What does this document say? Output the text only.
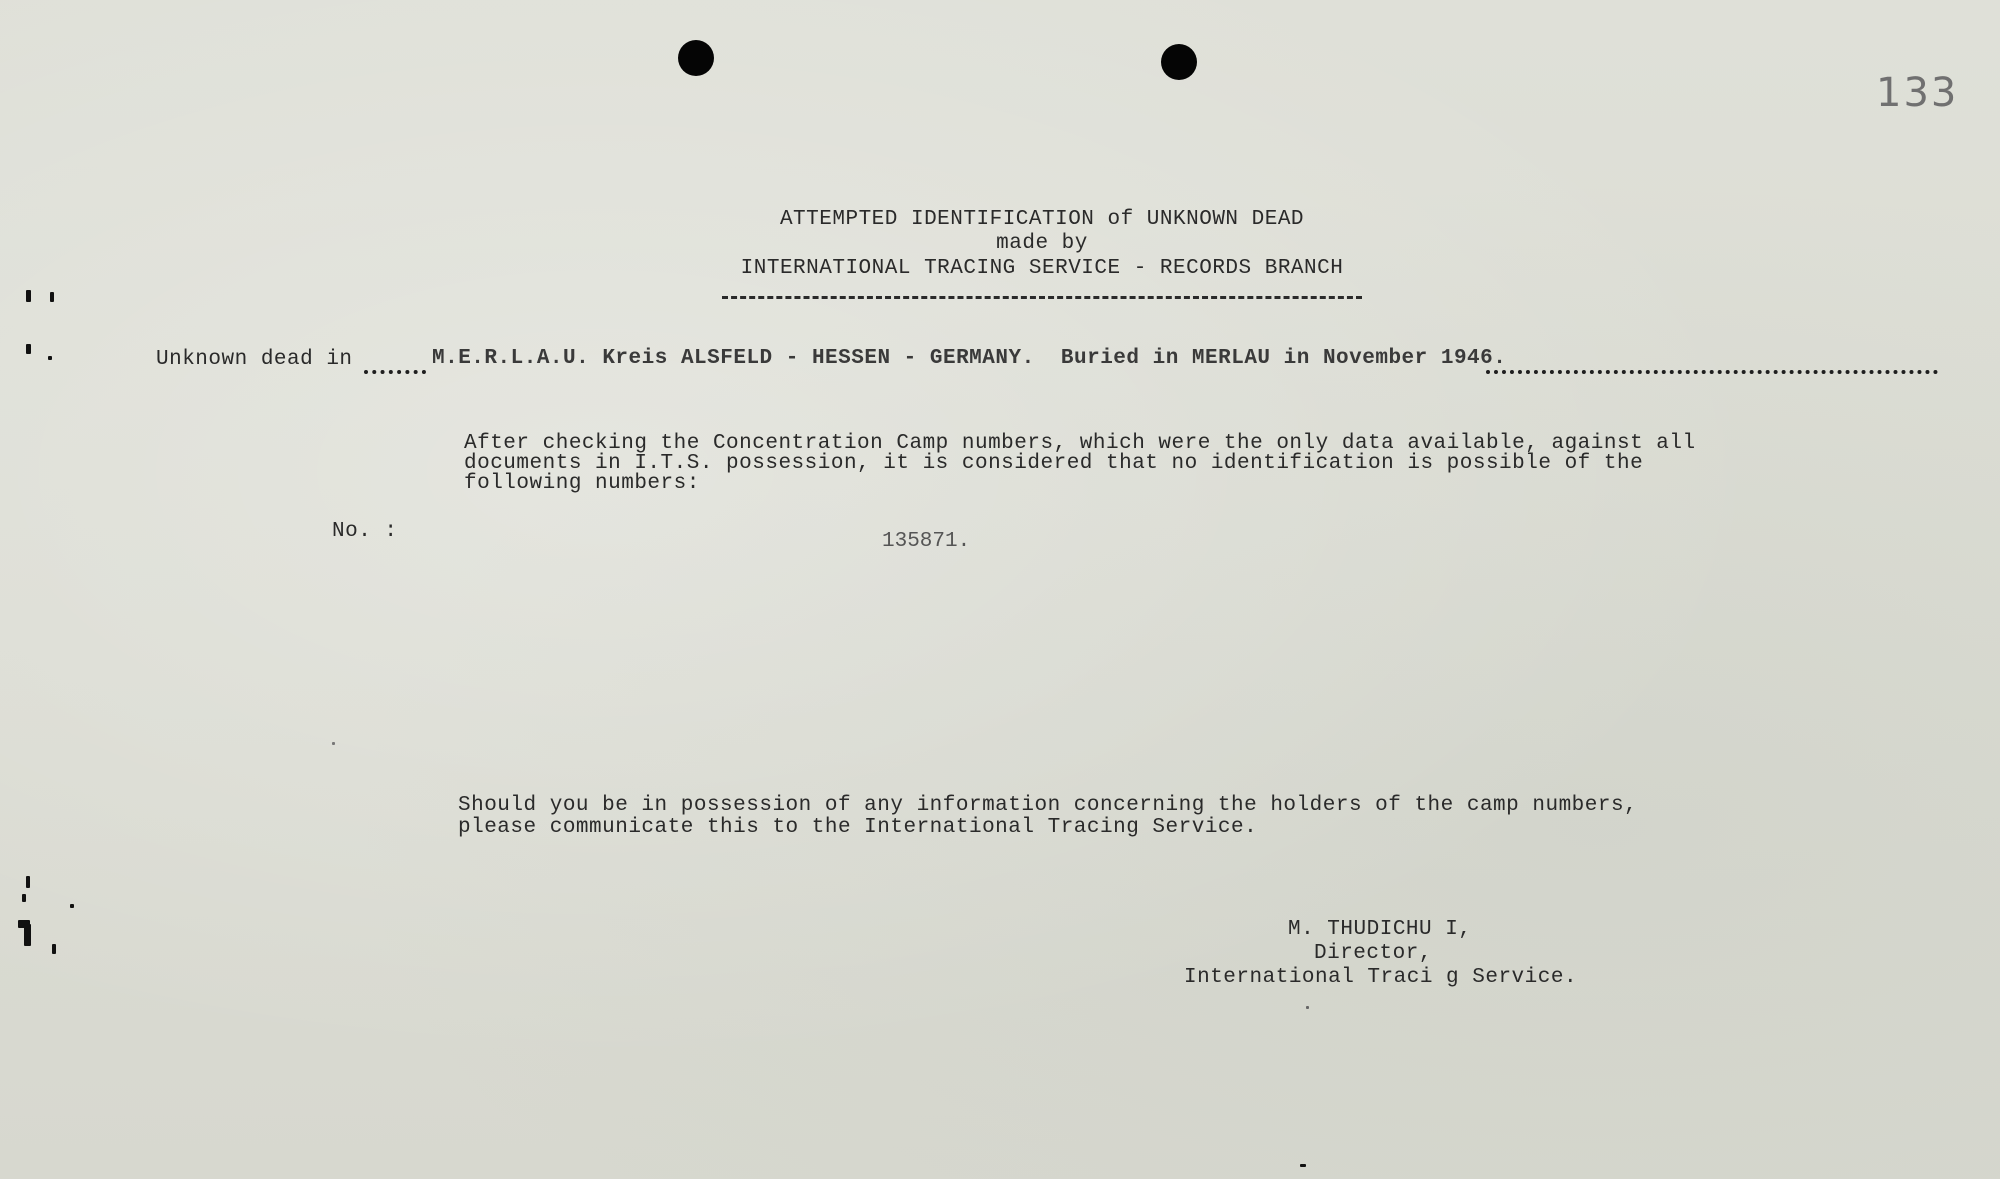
133
ATTEMPTED IDENTIFICATION of UNKNOWN DEAD
made by
INTERNATIONAL TRACING SERVICE - RECORDS BRANCH
Unknown dead in	M.E.R.L.A.U. Kreis ALSFELD - HESSEN - GERMANY.  Buried in MERLAU in November 1946.
After checking the Concentration Camp numbers, which were the only data available, against all
documents in I.T.S. possession, it is considered that no identification is possible of the
following numbers:
No. :	135871.
Should you be in possession of any information concerning the holders of the camp numbers,
please communicate this to the International Tracing Service.
M. THUDICHU I,
Director,
International Traci g Service.
